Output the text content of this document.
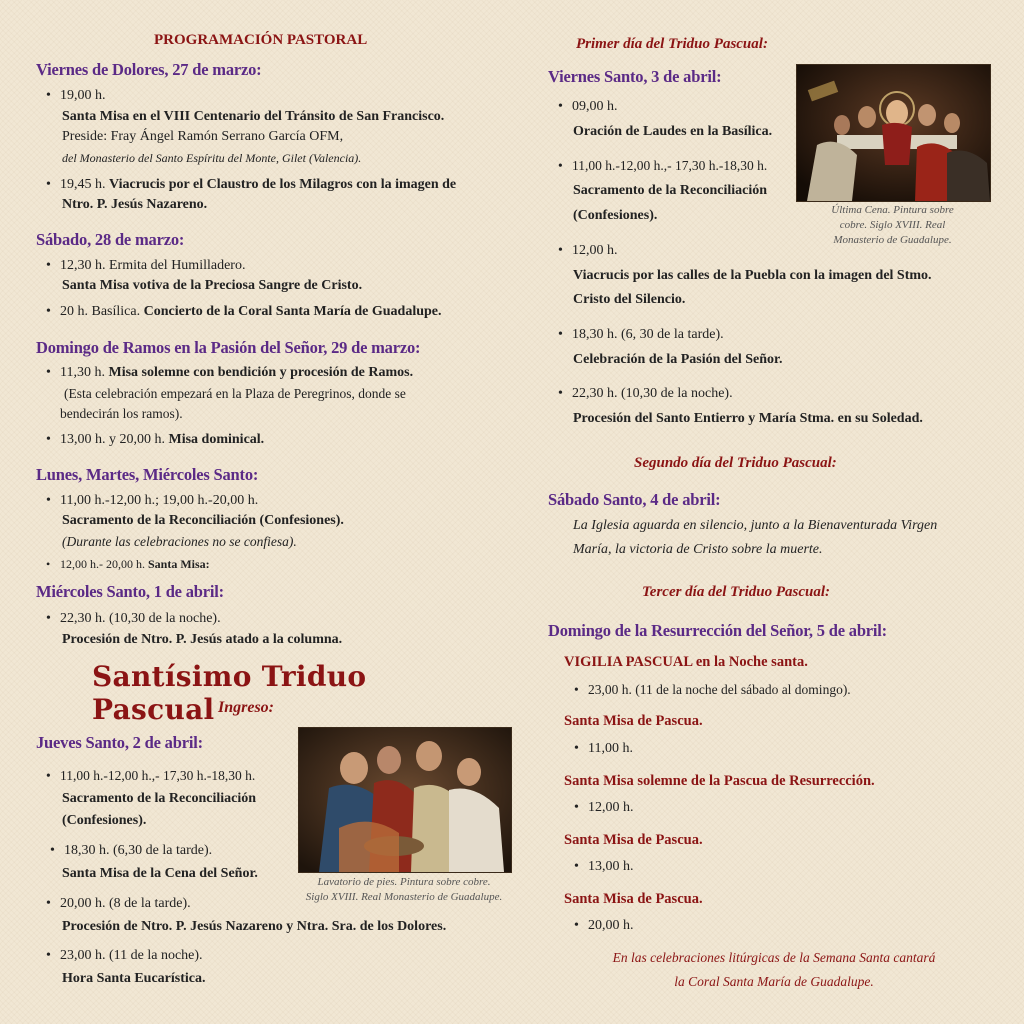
PROGRAMACIÓN PASTORAL
Viernes de Dolores, 27 de marzo:
• 19,00 h.
Santa Misa en el VIII Centenario del Tránsito de San Francisco.
Preside: Fray Ángel Ramón Serrano García OFM,
del Monasterio del Santo Espíritu del Monte, Gilet (Valencia).
• 19,45 h. Viacrucis por el Claustro de los Milagros con la imagen de
Ntro. P. Jesús Nazareno.
Sábado, 28 de marzo:
• 12,30 h. Ermita del Humilladero.
Santa Misa votiva de la Preciosa Sangre de Cristo.
• 20 h. Basílica. Concierto de la Coral Santa María de Guadalupe.
Domingo de Ramos en la Pasión del Señor, 29 de marzo:
• 11,30 h. Misa solemne con bendición y procesión de Ramos.
(Esta celebración empezará en la Plaza de Peregrinos, donde se
bendecirán los ramos).
• 13,00 h. y 20,00 h. Misa dominical.
Lunes, Martes, Miércoles Santo:
• 11,00 h.-12,00 h.; 19,00 h.-20,00 h.
Sacramento de la Reconciliación (Confesiones).
(Durante las celebraciones no se confiesa).
• 12,00 h.- 20,00 h. Santa Misa:
Miércoles Santo, 1 de abril:
• 22,30 h. (10,30 de la noche).
Procesión de Ntro. P. Jesús atado a la columna.
Santísimo Triduo Pascual Ingreso:
Jueves Santo, 2 de abril:
• 11,00 h.-12,00 h.,- 17,30 h.-18,30 h.
Sacramento de la Reconciliación
(Confesiones).
• 18,30 h. (6,30 de la tarde).
Santa Misa de la Cena del Señor.
• 20,00 h. (8 de la tarde).
Procesión de Ntro. P. Jesús Nazareno y Ntra. Sra. de los Dolores.
• 23,00 h. (11 de la noche).
Hora Santa Eucarística.
Lavatorio de pies. Pintura sobre cobre.
Siglo XVIII. Real Monasterio de Guadalupe.
Primer día del Triduo Pascual:
Viernes Santo, 3 de abril:
• 09,00 h.
Oración de Laudes en la Basílica.
• 11,00 h.-12,00 h.,- 17,30 h.-18,30 h.
Sacramento de la Reconciliación
(Confesiones).
• 12,00 h.
Viacrucis por las calles de la Puebla con la imagen del Stmo.
Cristo del Silencio.
• 18,30 h. (6, 30 de la tarde).
Celebración de la Pasión del Señor.
• 22,30 h. (10,30 de la noche).
Procesión del Santo Entierro y María Stma. en su Soledad.
Última Cena. Pintura sobre
cobre. Siglo XVIII. Real
Monasterio de Guadalupe.
Segundo día del Triduo Pascual:
Sábado Santo, 4 de abril:
La Iglesia aguarda en silencio, junto a la Bienaventurada Virgen
María, la victoria de Cristo sobre la muerte.
Tercer día del Triduo Pascual:
Domingo de la Resurrección del Señor, 5 de abril:
VIGILIA PASCUAL en la Noche santa.
• 23,00 h. (11 de la noche del sábado al domingo).
Santa Misa de Pascua.
• 11,00 h.
Santa Misa solemne de la Pascua de Resurrección.
• 12,00 h.
Santa Misa de Pascua.
• 13,00 h.
Santa Misa de Pascua.
• 20,00 h.
En las celebraciones litúrgicas de la Semana Santa cantará
la Coral Santa María de Guadalupe.
